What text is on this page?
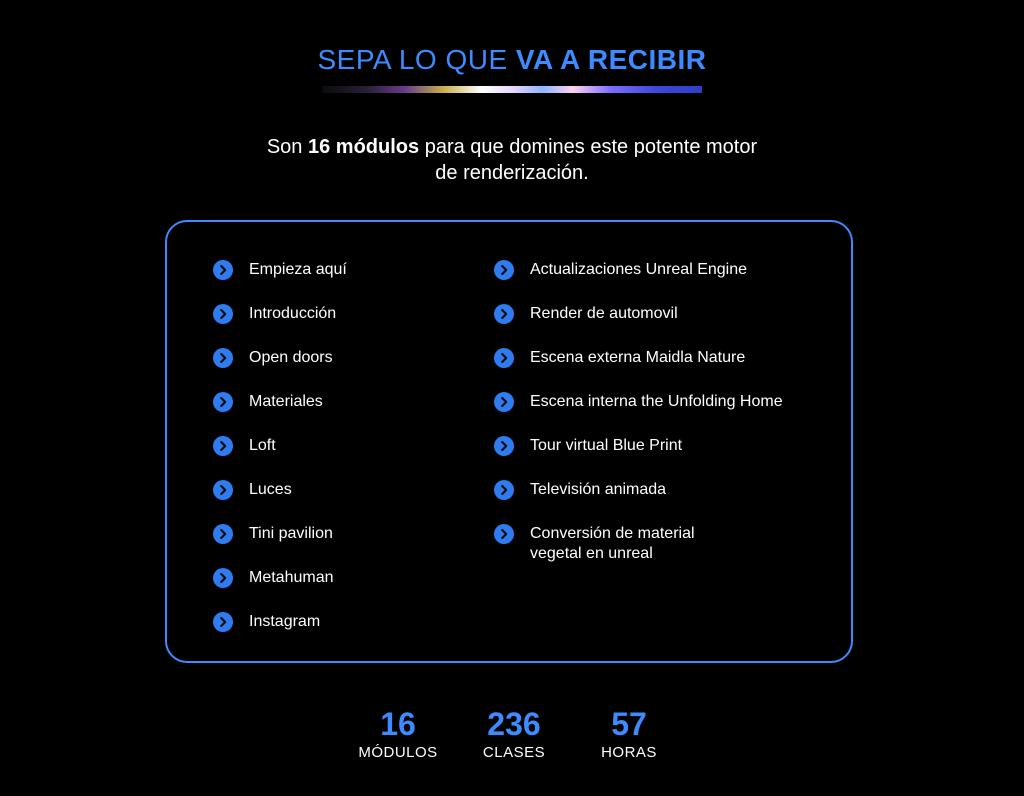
SEPA LO QUE VA A RECIBIR
Son 16 módulos para que domines este potente motor
de renderización.
Empieza aquí
Introducción
Open doors
Materiales
Loft
Luces
Tini pavilion
Metahuman
Instagram
Actualizaciones Unreal Engine
Render de automovil
Escena externa Maidla Nature
Escena interna the Unfolding Home
Tour virtual Blue Print
Televisión animada
Conversión de material vegetal en unreal
16
MÓDULOS
236
CLASES
57
HORAS
